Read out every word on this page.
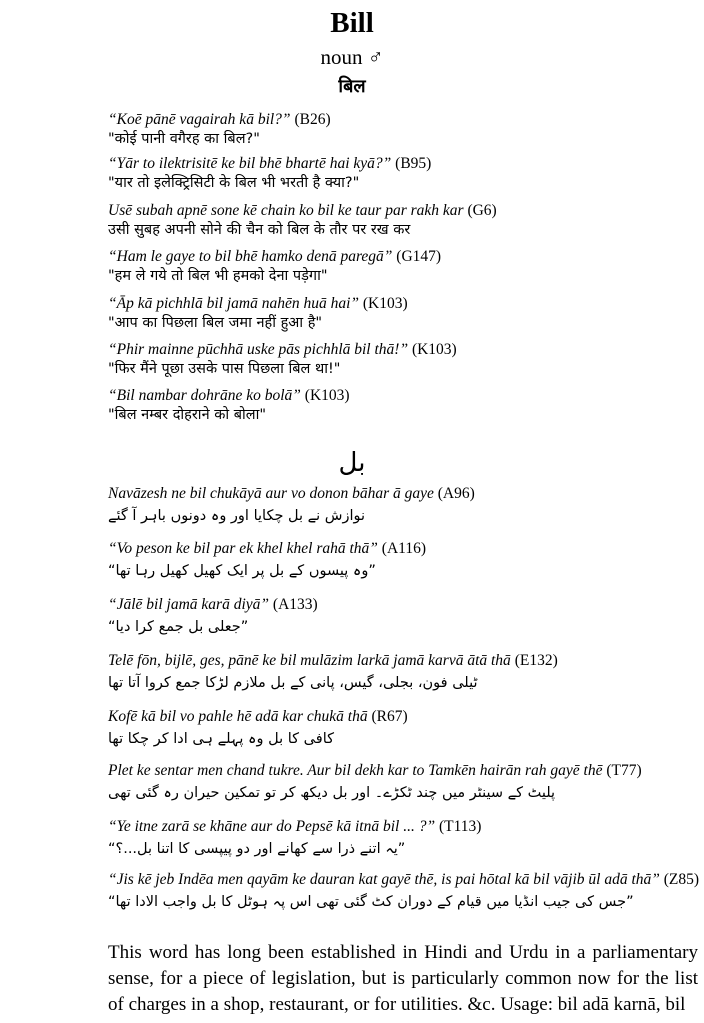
Bill
noun ♂
बिल
“Koē pānē vagairah kā bil?” (B26)
"कोई पानी वगैरह का बिल?"
“Yār to ilektrisitē ke bil bhē bhartē hai kyā?” (B95)
"यार तो इलेक्ट्रिसिटी के बिल भी भरती है क्या?"
Usē subah apnē sone kē chain ko bil ke taur par rakh kar (G6)
उसी सुबह अपनी सोने की चैन को बिल के तौर पर रख कर
“Ham le gaye to bil bhē hamko denā paregā” (G147)
"हम ले गये तो बिल भी हमको देना पड़ेगा"
“Āp kā pichhlā bil jamā nahēn huā hai” (K103)
"आप का पिछला बिल जमा नहीं हुआ है"
“Phir mainne pūchhā uske pās pichhlā bil thā!” (K103)
"फिर मैंने पूछा उसके पास पिछला बिल था!"
“Bil nambar dohrāne ko bolā” (K103)
"बिल नम्बर दोहराने को बोला"
بل
Navāzesh ne bil chukāyā aur vo donon bāhar ā gaye (A96)
نوازش نے بل چکایا اور وہ دونوں باہر آ گئے
“Vo peson ke bil par ek khel khel rahā thā” (A116)
”وہ پیسوں کے بل پر ایک کھیل کھیل رہا تھا“
“Jālē bil jamā karā diyā” (A133)
”جعلی بل جمع کرا دیا“
Telē fōn, bijlē, ges, pānē ke bil mulāzim larkā jamā karvā ātā thā (E132)
ٹیلی فون، بجلی، گیس، پانی کے بل ملازم لڑکا جمع کروا آتا تھا
Kofē kā bil vo pahle hē adā kar chukā thā (R67)
کافی کا بل وہ پہلے ہی ادا کر چکا تھا
Plet ke sentar men chand tukre. Aur bil dekh kar to Tamkēn hairān rah gayē thē (T77)
پلیٹ کے سینٹر میں چند ٹکڑے۔ اور بل دیکھ کر تو تمکین حیران رہ گئی تھی
“Ye itne zarā se khāne aur do Pepsē kā itnā bil ... ?” (T113)
”یہ اتنے ذرا سے کھانے اور دو پیپسی کا اتنا بل...؟“
“Jis kē jeb Indēa men qayām ke dauran kat gayē thē, is pai hōtal kā bil vājib ūl adā thā” (Z85)
”جس کی جیب انڈیا میں قیام کے دوران کٹ گئی تھی اس پہ ہوٹل کا بل واجب الادا تھا“
This word has long been established in Hindi and Urdu in a parliamentary sense, for a piece of legislation, but is particularly common now for the list of charges in a shop, restaurant, or for utilities. &c. Usage: bil adā karnā, bil
